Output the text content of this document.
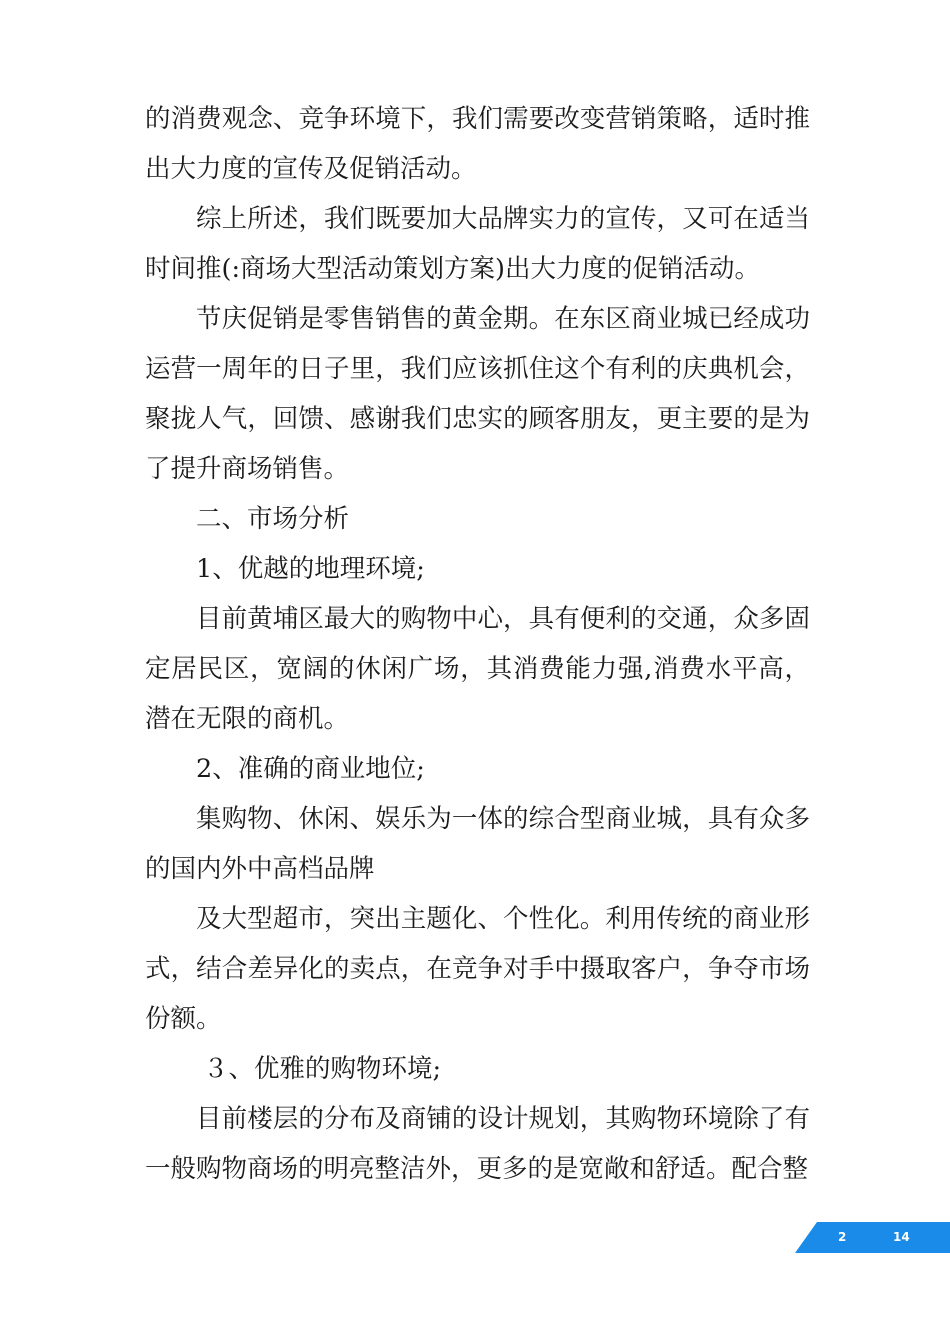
的消费观念、竞争环境下，我们需要改变营销策略，适时推出大力度的宣传及促销活动。

综上所述，我们既要加大品牌实力的宣传，又可在适当时间推(:商场大型活动策划方案)出大力度的促销活动。

节庆促销是零售销售的黄金期。在东区商业城已经成功运营一周年的日子里，我们应该抓住这个有利的庆典机会，聚拢人气，回馈、感谢我们忠实的顾客朋友，更主要的是为了提升商场销售。

二、市场分析

1、优越的地理环境;

目前黄埔区最大的购物中心，具有便利的交通，众多固定居民区，宽阔的休闲广场，其消费能力强,消费水平高，潜在无限的商机。

2、准确的商业地位;

集购物、休闲、娱乐为一体的综合型商业城，具有众多的国内外中高档品牌

及大型超市，突出主题化、个性化。利用传统的商业形式，结合差异化的卖点，在竞争对手中摄取客户，争夺市场份额。

３、优雅的购物环境;

目前楼层的分布及商铺的设计规划，其购物环境除了有一般购物商场的明亮整洁外，更多的是宽敞和舒适。配合整

2	14
